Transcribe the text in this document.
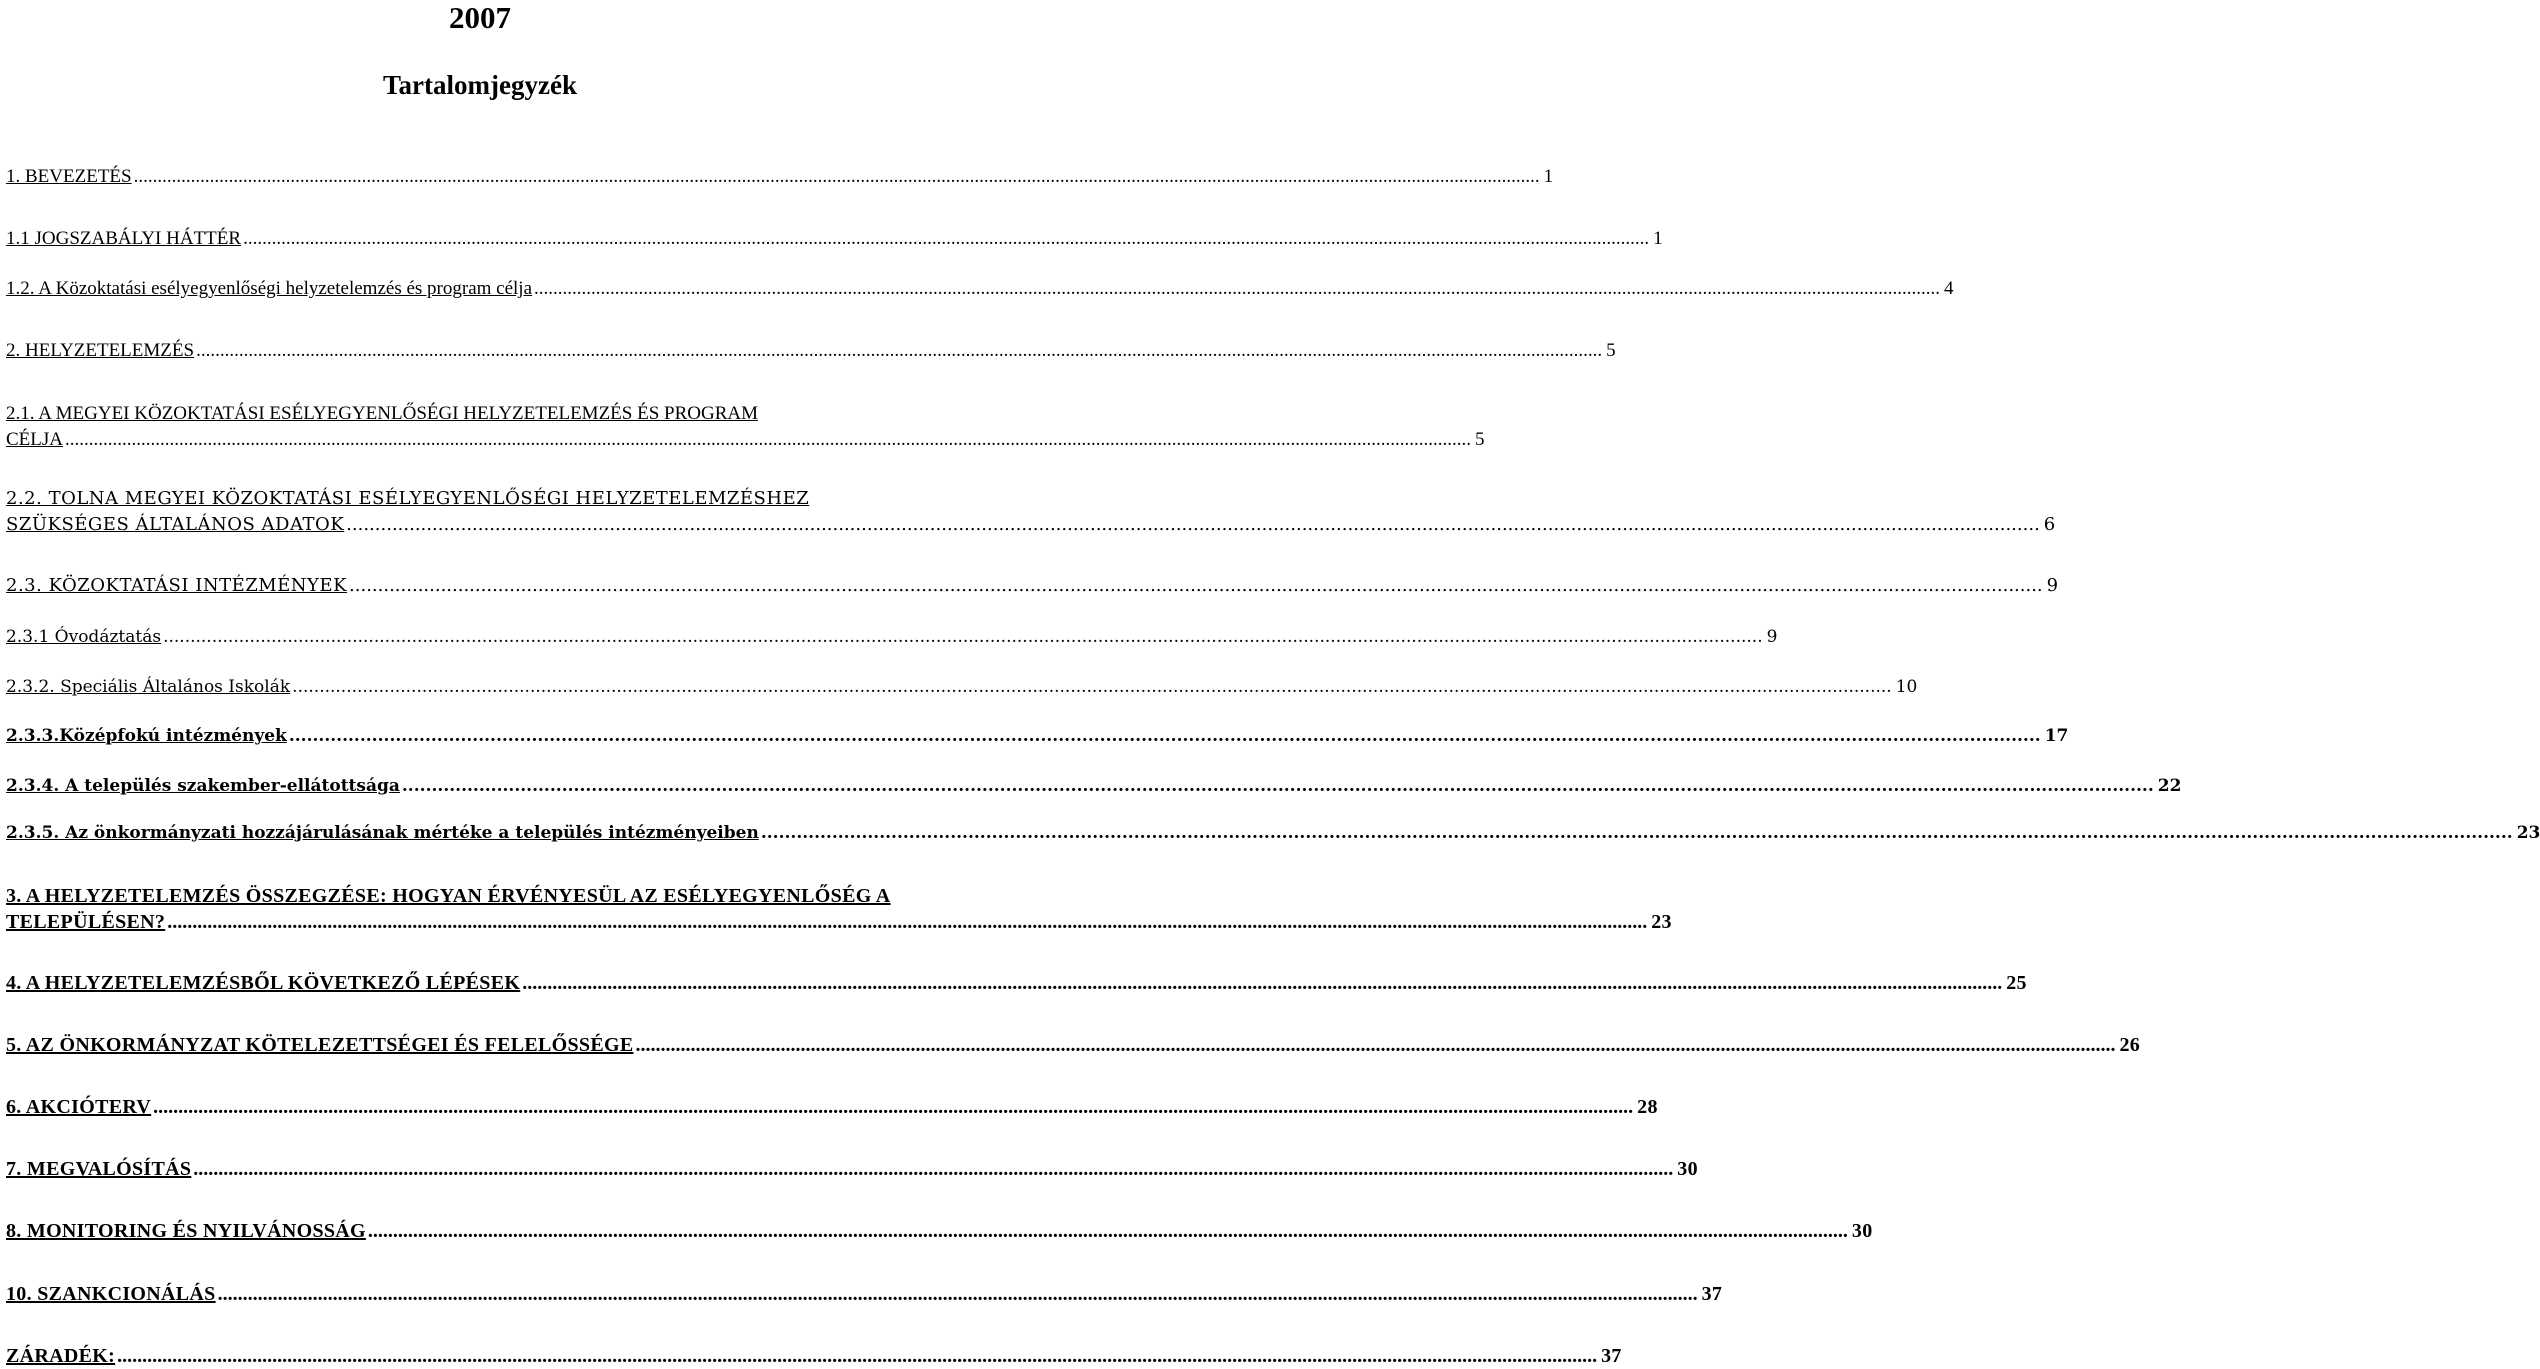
2007
Tartalomjegyzék
1. BEVEZETÉS .....	1
1.1 JOGSZABÁLYI HÁTTÉR .....	1
1.2. A Közoktatási esélyegyenlőségi helyzetelemzés és program célja .....	4
2. HELYZETELEMZÉS .....	5
2.1. A MEGYEI KÖZOKTATÁSI ESÉLYEGYENLŐSÉGI HELYZETELEMZÉS ÉS PROGRAM
CÉLJA .....	5
2.2. TOLNA MEGYEI KÖZOKTATÁSI ESÉLYEGYENLŐSÉGI HELYZETELEMZÉSHEZ
SZÜKSÉGES ÁLTALÁNOS ADATOK .....	6
2.3. KÖZOKTATÁSI INTÉZMÉNYEK .....	9
2.3.1 Óvodáztatás .....	9
2.3.2. Speciális Általános Iskolák .....	10
2.3.3.Középfokú intézmények .....	17
2.3.4. A település szakember-ellátottsága .....	22
2.3.5. Az önkormányzati hozzájárulásának mértéke a település intézményeiben .....	23
3. A HELYZETELEMZÉS ÖSSZEGZÉSE: HOGYAN ÉRVÉNYESÜL AZ ESÉLYEGYENLŐSÉG A
TELEPÜLÉSEN? .....	23
4. A HELYZETELEMZÉSBŐL KÖVETKEZŐ LÉPÉSEK .....	25
5. AZ ÖNKORMÁNYZAT KÖTELEZETTSÉGEI ÉS FELELŐSSÉGE .....	26
6. AKCIÓTERV .....	28
7. MEGVALÓSÍTÁS .....	30
8. MONITORING ÉS NYILVÁNOSSÁG .....	30
10. SZANKCIONÁLÁS .....	37
ZÁRADÉK: .....	37
